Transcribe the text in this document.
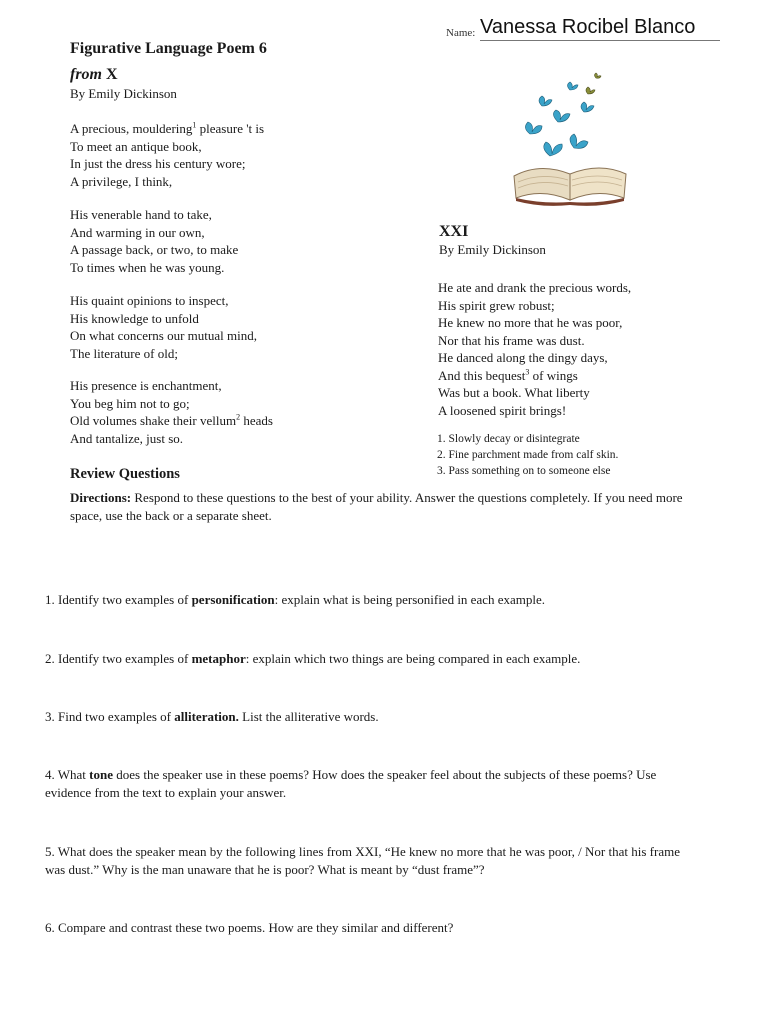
Name: Vanessa Rocibel Blanco
Figurative Language Poem 6
from X
By Emily Dickinson
A precious, mouldering$^1$ pleasure 't is
To meet an antique book,
In just the dress his century wore;
A privilege, I think,
His venerable hand to take,
And warming in our own,
A passage back, or two, to make
To times when he was young.
His quaint opinions to inspect,
His knowledge to unfold
On what concerns our mutual mind,
The literature of old;
His presence is enchantment,
You beg him not to go;
Old volumes shake their vellum$^2$ heads
And tantalize, just so.
XXI
By Emily Dickinson
He ate and drank the precious words,
His spirit grew robust;
He knew no more that he was poor,
Nor that his frame was dust.
He danced along the dingy days,
And this bequest$^3$ of wings
Was but a book. What liberty
A loosened spirit brings!
1. Slowly decay or disintegrate
2. Fine parchment made from calf skin.
3. Pass something on to someone else
Review Questions
Directions: Respond to these questions to the best of your ability. Answer the questions completely. If you need more space, use the back or a separate sheet.
1. Identify two examples of personification: explain what is being personified in each example.
2. Identify two examples of metaphor: explain which two things are being compared in each example.
3. Find two examples of alliteration. List the alliterative words.
4. What tone does the speaker use in these poems? How does the speaker feel about the subjects of these poems? Use evidence from the text to explain your answer.
5. What does the speaker mean by the following lines from XXI, “He knew no more that he was poor, / Nor that his frame was dust.” Why is the man unaware that he is poor? What is meant by “dust frame”?
6. Compare and contrast these two poems. How are they similar and different?
